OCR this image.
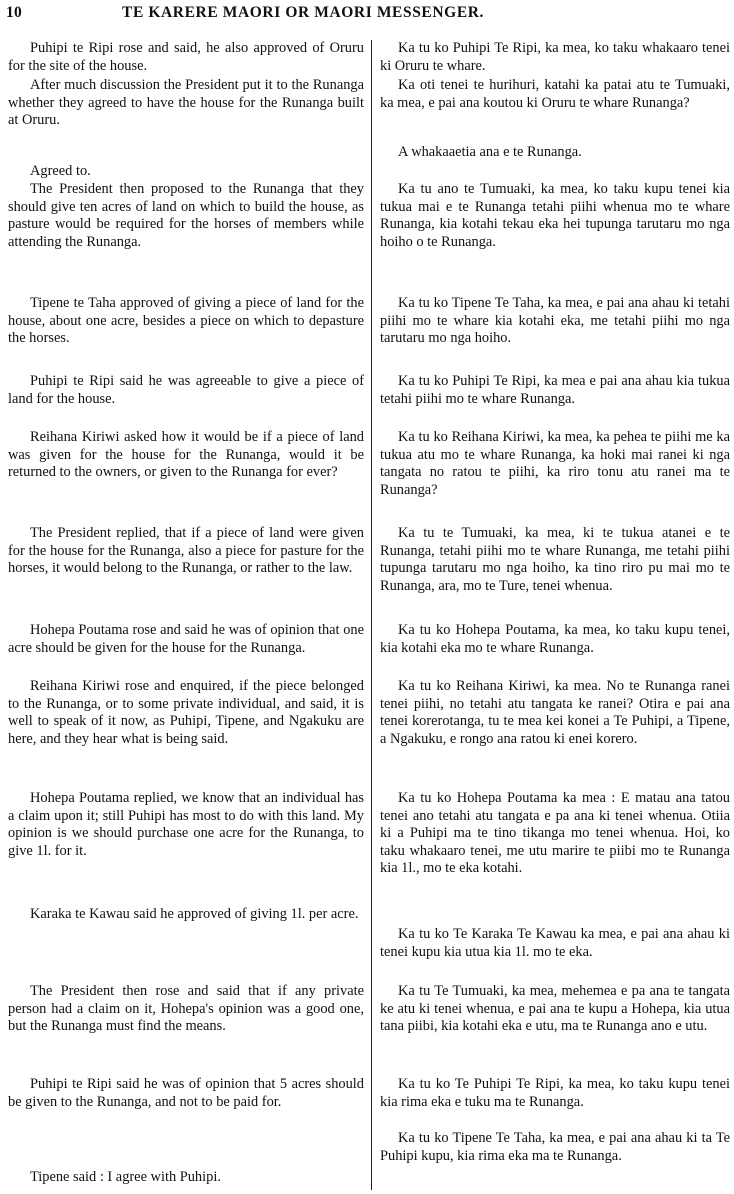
10	TE KARERE MAORI OR MAORI MESSENGER.

Puhipi te Ripi rose and said, he also approved of Oruru for the site of the house.

After much discussion the President put it to the Runanga whether they agreed to have the house for the Runanga built at Oruru.

Agreed to.

The President then proposed to the Runanga that they should give ten acres of land on which to build the house, as pasture would be required for the horses of members while attending the Runanga.

Tipene te Taha approved of giving a piece of land for the house, about one acre, besides a piece on which to depasture the horses.

Puhipi te Ripi said he was agreeable to give a piece of land for the house.

Reihana Kiriwi asked how it would be if a piece of land was given for the house for the Runanga, would it be returned to the owners, or given to the Runanga for ever?

The President replied, that if a piece of land were given for the house for the Runanga, also a piece for pasture for the horses, it would belong to the Runanga, or rather to the law.

Hohepa Poutama rose and said he was of opinion that one acre should be given for the house for the Runanga.

Reihana Kiriwi rose and enquired, if the piece belonged to the Runanga, or to some private individual, and said, it is well to speak of it now, as Puhipi, Tipene, and Ngakuku are here, and they hear what is being said.

Hohepa Poutama replied, we know that an individual has a claim upon it; still Puhipi has most to do with this land. My opinion is we should purchase one acre for the Runanga, to give 1l. for it.

Karaka te Kawau said he approved of giving 1l. per acre.

The President then rose and said that if any private person had a claim on it, Hohepa's opinion was a good one, but the Runanga must find the means.

Puhipi te Ripi said he was of opinion that 5 acres should be given to the Runanga, and not to be paid for.

Tipene said : I agree with Puhipi.

Ka tu ko Puhipi Te Ripi, ka mea, ko taku whakaaro tenei ki Oruru te whare.

Ka oti tenei te hurihuri, katahi ka patai atu te Tumuaki, ka mea, e pai ana koutou ki Oruru te whare Runanga?

A whakaaetia ana e te Runanga.

Ka tu ano te Tumuaki, ka mea, ko taku kupu tenei kia tukua mai e te Runanga tetahi piihi whenua mo te whare Runanga, kia kotahi tekau eka hei tupunga tarutaru mo nga hoiho o te Runanga.

Ka tu ko Tipene Te Taha, ka mea, e pai ana ahau ki tetahi piihi mo te whare kia kotahi eka, me tetahi piihi mo nga tarutaru mo nga hoiho.

Ka tu ko Puhipi Te Ripi, ka mea e pai ana ahau kia tukua tetahi piihi mo te whare Runanga.

Ka tu ko Reihana Kiriwi, ka mea, ka pehea te piihi me ka tukua atu mo te whare Runanga, ka hoki mai ranei ki nga tangata no ratou te piihi, ka riro tonu atu ranei ma te Runanga?

Ka tu te Tumuaki, ka mea, ki te tukua atanei e te Runanga, tetahi piihi mo te whare Runanga, me tetahi piihi tupunga tarutaru mo nga hoiho, ka tino riro pu mai mo te Runanga, ara, mo te Ture, tenei whenua.

Ka tu ko Hohepa Poutama, ka mea, ko taku kupu tenei, kia kotahi eka mo te whare Runanga.

Ka tu ko Reihana Kiriwi, ka mea. No te Runanga ranei tenei piihi, no tetahi atu tangata ke ranei? Otira e pai ana tenei korerotanga, tu te mea kei konei a Te Puhipi, a Tipene, a Ngakuku, e rongo ana ratou ki enei korero.

Ka tu ko Hohepa Poutama ka mea : E matau ana tatou tenei ano tetahi atu tangata e pa ana ki tenei whenua. Otiia ki a Puhipi ma te tino tikanga mo tenei whenua. Hoi, ko taku whakaaro tenei, me utu marire te piibi mo te Runanga kia 1l., mo te eka kotahi.

Ka tu ko Te Karaka Te Kawau ka mea, e pai ana ahau ki tenei kupu kia utua kia 1l. mo te eka.

Ka tu Te Tumuaki, ka mea, mehemea e pa ana te tangata ke atu ki tenei whenua, e pai ana te kupu a Hohepa, kia utua tana piibi, kia kotahi eka e utu, ma te Runanga ano e utu.

Ka tu ko Te Puhipi Te Ripi, ka mea, ko taku kupu tenei kia rima eka e tuku ma te Runanga.

Ka tu ko Tipene Te Taha, ka mea, e pai ana ahau ki ta Te Puhipi kupu, kia rima eka ma te Runanga.
